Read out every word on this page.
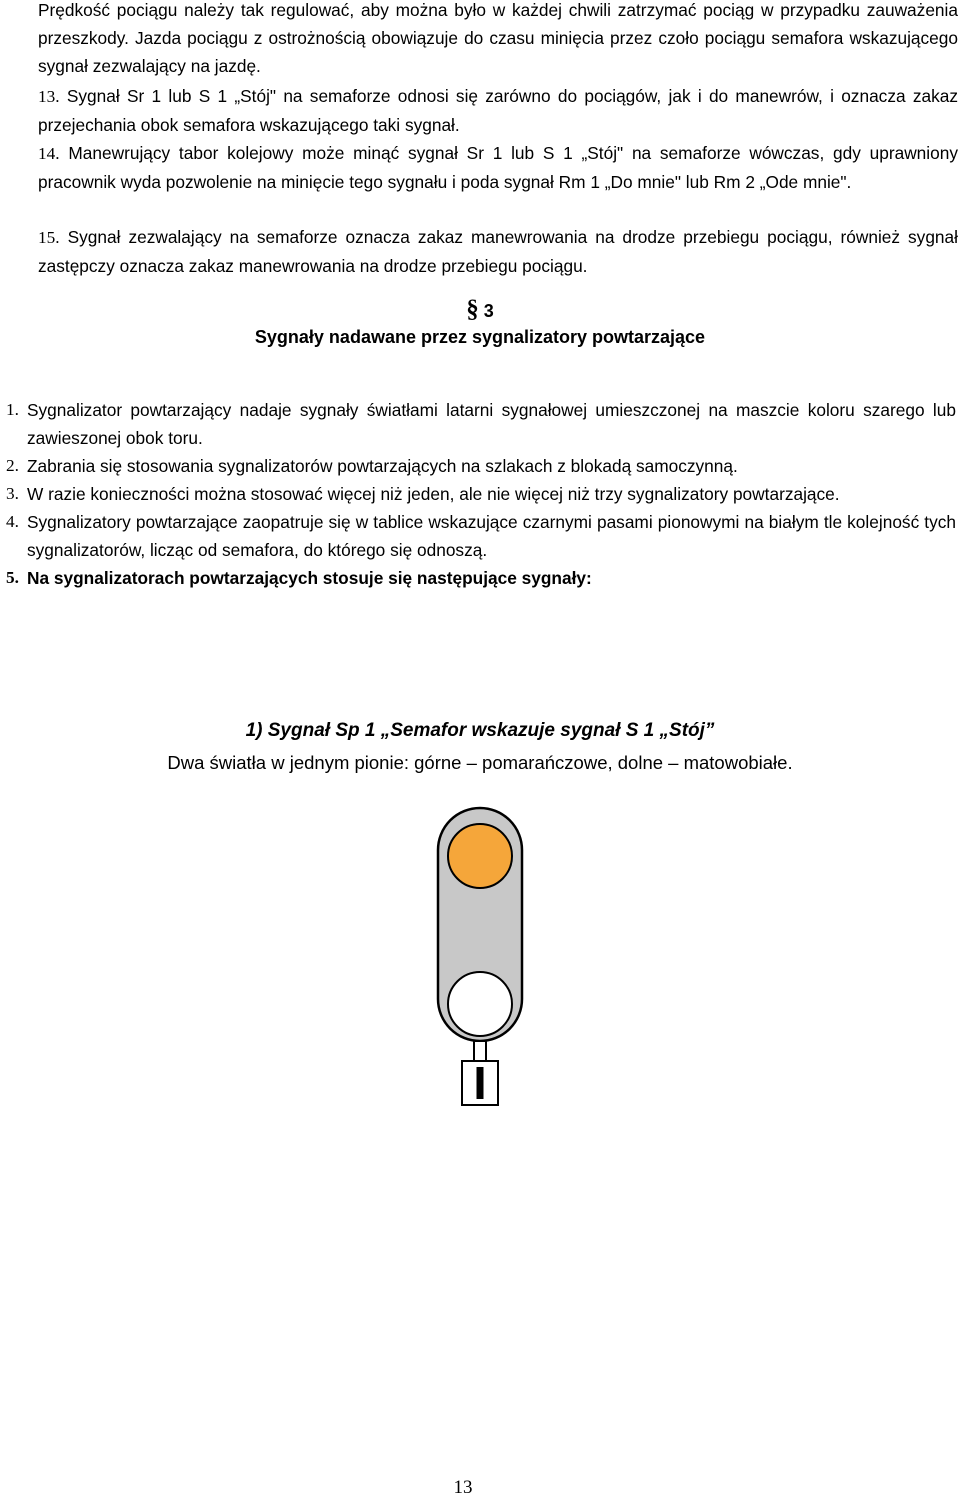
Prędkość pociągu należy tak regulować, aby można było w każdej chwili zatrzymać pociąg w przypadku zauważenia przeszkody. Jazda pociągu z ostrożnością obowiązuje do czasu minięcia przez czoło pociągu semafora wskazującego sygnał zezwalający na jazdę.
13. Sygnał Sr 1 lub S 1 „Stój" na semaforze odnosi się zarówno do pociągów, jak i do manewrów, i oznacza zakaz przejechania obok semafora wskazującego taki sygnał.
14. Manewrujący tabor kolejowy może minąć sygnał Sr 1 lub S 1 „Stój" na semaforze wówczas, gdy uprawniony pracownik wyda pozwolenie na minięcie tego sygnału i poda sygnał Rm 1 „Do mnie" lub Rm 2 „Ode mnie".
15. Sygnał zezwalający na semaforze oznacza zakaz manewrowania na drodze przebiegu pociągu, również sygnał zastępczy oznacza zakaz manewrowania na drodze przebiegu pociągu.
§ 3
Sygnały nadawane przez sygnalizatory powtarzające
1. Sygnalizator powtarzający nadaje sygnały światłami latarni sygnałowej umieszczonej na maszcie koloru szarego lub zawieszonej obok toru.
2. Zabrania się stosowania sygnalizatorów powtarzających na szlakach z blokadą samoczynną.
3. W razie konieczności można stosować więcej niż jeden, ale nie więcej niż trzy sygnalizatory powtarzające.
4. Sygnalizatory powtarzające zaopatruje się w tablice wskazujące czarnymi pasami pionowymi na białym tle kolejność tych sygnalizatorów, licząc od semafora, do którego się odnoszą.
5. Na sygnalizatorach powtarzających stosuje się następujące sygnały:
1) Sygnał Sp 1 „Semafor wskazuje sygnał S 1 „Stój”
Dwa światła w jednym pionie: górne – pomarańczowe, dolne – matowobiałe.
13
